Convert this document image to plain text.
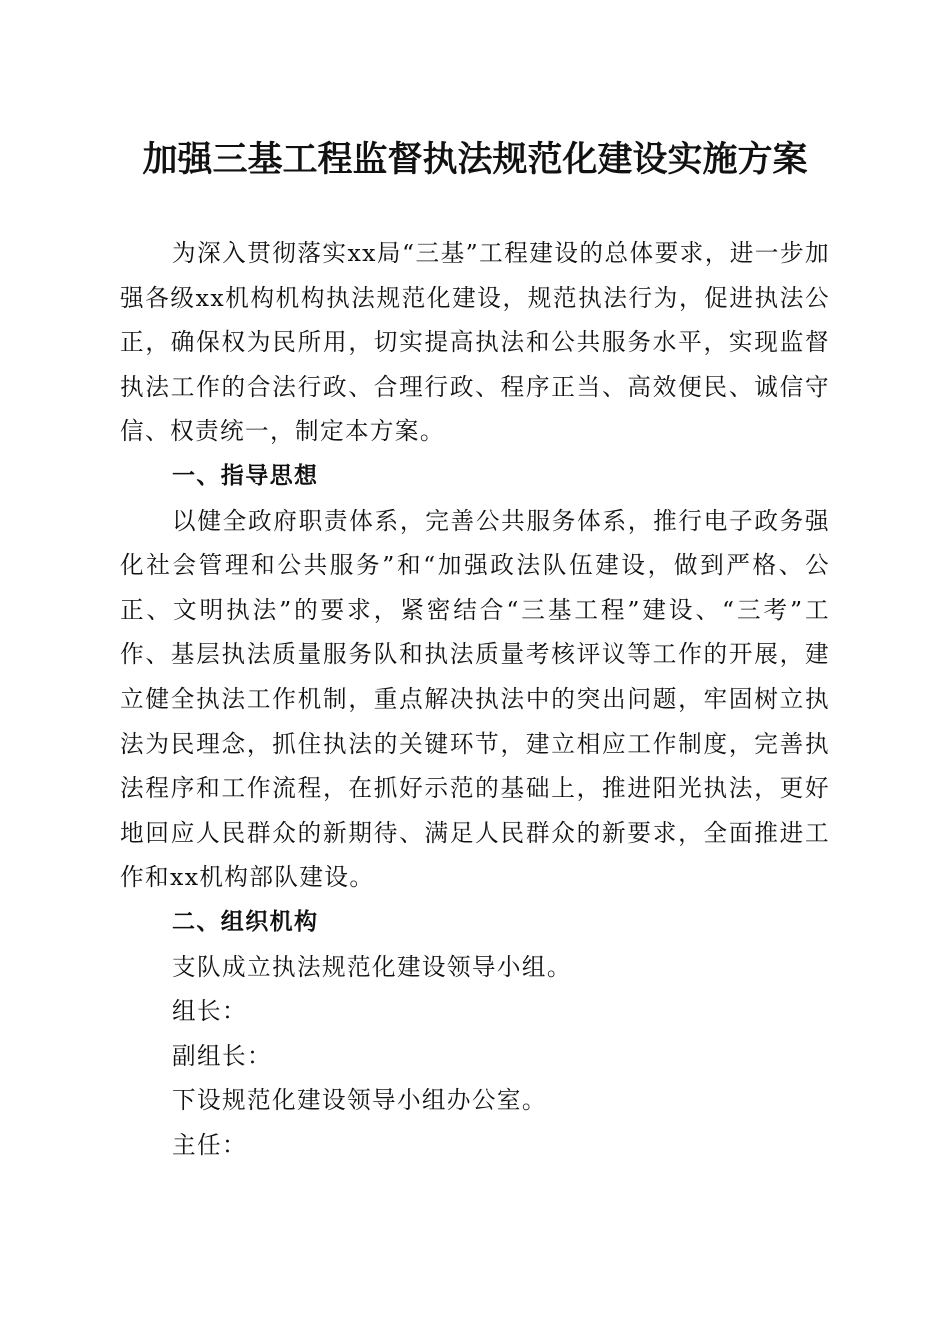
加强三基工程监督执法规范化建设实施方案

为深入贯彻落实xx局“三基”工程建设的总体要求，进一步加强各级xx机构机构执法规范化建设，规范执法行为，促进执法公正，确保权为民所用，切实提高执法和公共服务水平，实现监督执法工作的合法行政、合理行政、程序正当、高效便民、诚信守信、权责统一，制定本方案。

一、指导思想

以健全政府职责体系，完善公共服务体系，推行电子政务强化社会管理和公共服务”和“加强政法队伍建设，做到严格、公正、文明执法”的要求，紧密结合“三基工程”建设、“三考”工作、基层执法质量服务队和执法质量考核评议等工作的开展，建立健全执法工作机制，重点解决执法中的突出问题，牢固树立执法为民理念，抓住执法的关键环节，建立相应工作制度，完善执法程序和工作流程，在抓好示范的基础上，推进阳光执法，更好地回应人民群众的新期待、满足人民群众的新要求，全面推进工作和xx机构部队建设。

二、组织机构

支队成立执法规范化建设领导小组。

组长：

副组长：

下设规范化建设领导小组办公室。

主任：
